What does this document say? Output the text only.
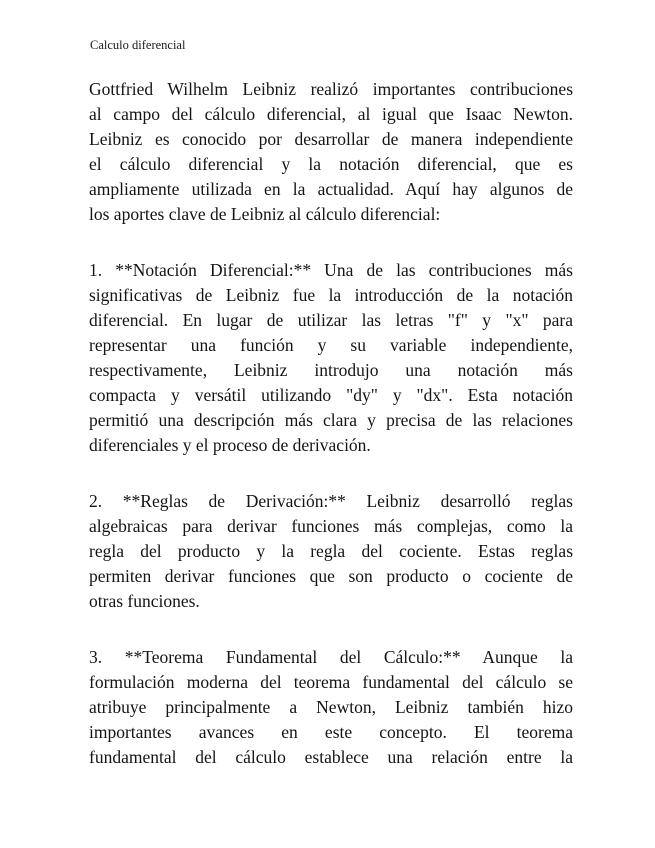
Calculo diferencial
Gottfried Wilhelm Leibniz realizó importantes contribuciones
al campo del cálculo diferencial, al igual que Isaac Newton.
Leibniz es conocido por desarrollar de manera independiente
el cálculo diferencial y la notación diferencial, que es
ampliamente utilizada en la actualidad. Aquí hay algunos de
los aportes clave de Leibniz al cálculo diferencial:
1. **Notación Diferencial:** Una de las contribuciones más
significativas de Leibniz fue la introducción de la notación
diferencial. En lugar de utilizar las letras "f" y "x" para
representar una función y su variable independiente,
respectivamente, Leibniz introdujo una notación más
compacta y versátil utilizando "dy" y "dx". Esta notación
permitió una descripción más clara y precisa de las relaciones
diferenciales y el proceso de derivación.
2. **Reglas de Derivación:** Leibniz desarrolló reglas
algebraicas para derivar funciones más complejas, como la
regla del producto y la regla del cociente. Estas reglas
permiten derivar funciones que son producto o cociente de
otras funciones.
3. **Teorema Fundamental del Cálculo:** Aunque la
formulación moderna del teorema fundamental del cálculo se
atribuye principalmente a Newton, Leibniz también hizo
importantes avances en este concepto. El teorema
fundamental del cálculo establece una relación entre la
